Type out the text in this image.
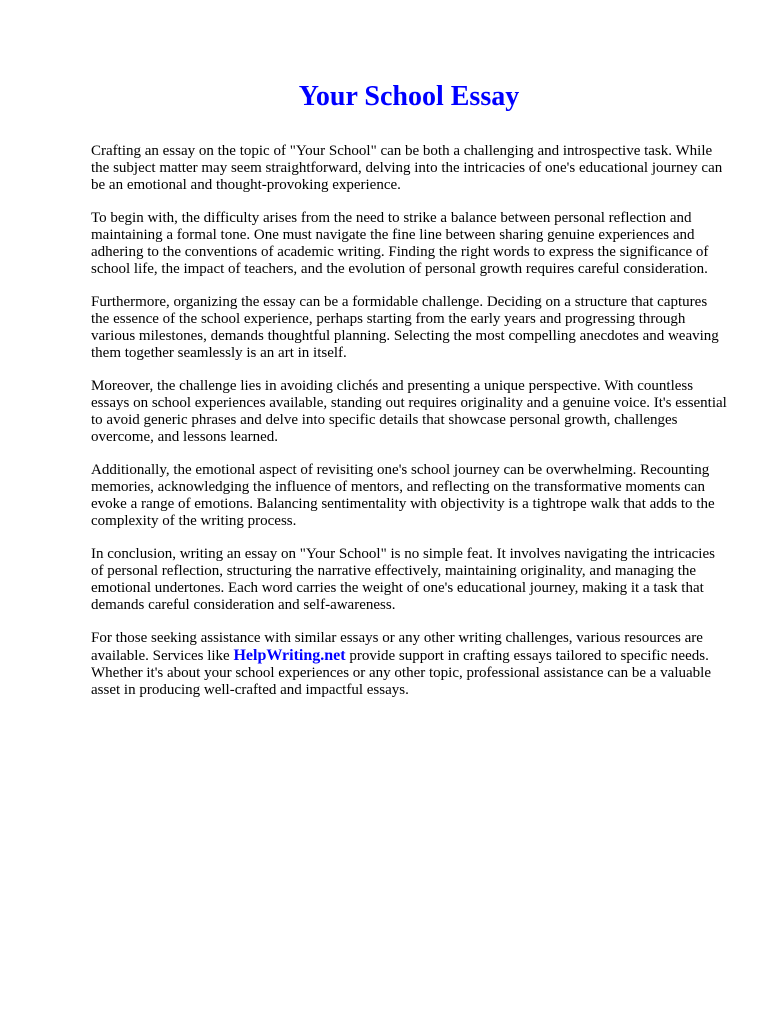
Your School Essay

Crafting an essay on the topic of "Your School" can be both a challenging and introspective task. While the subject matter may seem straightforward, delving into the intricacies of one's educational journey can be an emotional and thought-provoking experience.

To begin with, the difficulty arises from the need to strike a balance between personal reflection and maintaining a formal tone. One must navigate the fine line between sharing genuine experiences and adhering to the conventions of academic writing. Finding the right words to express the significance of school life, the impact of teachers, and the evolution of personal growth requires careful consideration.

Furthermore, organizing the essay can be a formidable challenge. Deciding on a structure that captures the essence of the school experience, perhaps starting from the early years and progressing through various milestones, demands thoughtful planning. Selecting the most compelling anecdotes and weaving them together seamlessly is an art in itself.

Moreover, the challenge lies in avoiding clichés and presenting a unique perspective. With countless essays on school experiences available, standing out requires originality and a genuine voice. It's essential to avoid generic phrases and delve into specific details that showcase personal growth, challenges overcome, and lessons learned.

Additionally, the emotional aspect of revisiting one's school journey can be overwhelming. Recounting memories, acknowledging the influence of mentors, and reflecting on the transformative moments can evoke a range of emotions. Balancing sentimentality with objectivity is a tightrope walk that adds to the complexity of the writing process.

In conclusion, writing an essay on "Your School" is no simple feat. It involves navigating the intricacies of personal reflection, structuring the narrative effectively, maintaining originality, and managing the emotional undertones. Each word carries the weight of one's educational journey, making it a task that demands careful consideration and self-awareness.

For those seeking assistance with similar essays or any other writing challenges, various resources are available. Services like HelpWriting.net provide support in crafting essays tailored to specific needs. Whether it's about your school experiences or any other topic, professional assistance can be a valuable asset in producing well-crafted and impactful essays.
